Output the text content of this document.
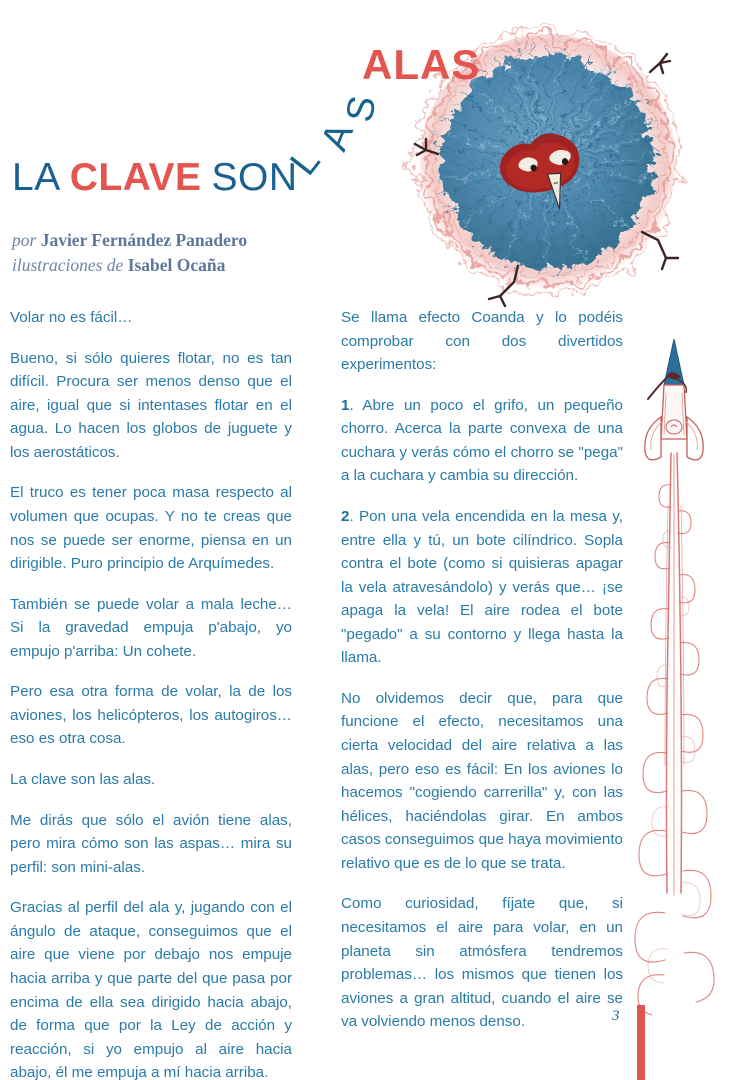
LA CLAVE SON
L
A
S
ALAS
por Javier Fernández Panadero
ilustraciones de Isabel Ocaña

Volar no es fácil…

Bueno, si sólo quieres flotar, no es tan difícil. Procura ser menos denso que el aire, igual que si intentases flotar en el agua. Lo hacen los globos de juguete y los aerostáticos.

El truco es tener poca masa respecto al volumen que ocupas. Y no te creas que nos se puede ser enorme, piensa en un dirigible. Puro principio de Arquímedes.

También se puede volar a mala leche… Si la gravedad empuja p'abajo, yo empujo p'arriba: Un cohete.

Pero esa otra forma de volar, la de los aviones, los helicópteros, los autogiros… eso es otra cosa.

La clave son las alas.

Me dirás que sólo el avión tiene alas, pero mira cómo son las aspas… mira su perfil: son mini-alas.

Gracias al perfil del ala y, jugando con el ángulo de ataque, conseguimos que el aire que viene por debajo nos empuje hacia arriba y que parte del que pasa por encima de ella sea dirigido hacia abajo, de forma que por la Ley de acción y reacción, si yo empujo al aire hacia abajo, él me empuja a mí hacia arriba.

Se llama efecto Coanda y lo podéis comprobar con dos divertidos experimentos:

1. Abre un poco el grifo, un pequeño chorro. Acerca la parte convexa de una cuchara y verás cómo el chorro se "pega" a la cuchara y cambia su dirección.

2. Pon una vela encendida en la mesa y, entre ella y tú, un bote cilíndrico. Sopla contra el bote (como si quisieras apagar la vela atravesándolo) y verás que… ¡se apaga la vela! El aire rodea el bote "pegado" a su contorno y llega hasta la llama.

No olvidemos decir que, para que funcione el efecto, necesitamos una cierta velocidad del aire relativa a las alas, pero eso es fácil: En los aviones lo hacemos "cogiendo carrerilla" y, con las hélices, haciéndolas girar. En ambos casos conseguimos que haya movimiento relativo que es de lo que se trata.

Como curiosidad, fíjate que, si necesitamos el aire para volar, en un planeta sin atmósfera tendremos problemas… los mismos que tienen los aviones a gran altitud, cuando el aire se va volviendo menos denso.	3
